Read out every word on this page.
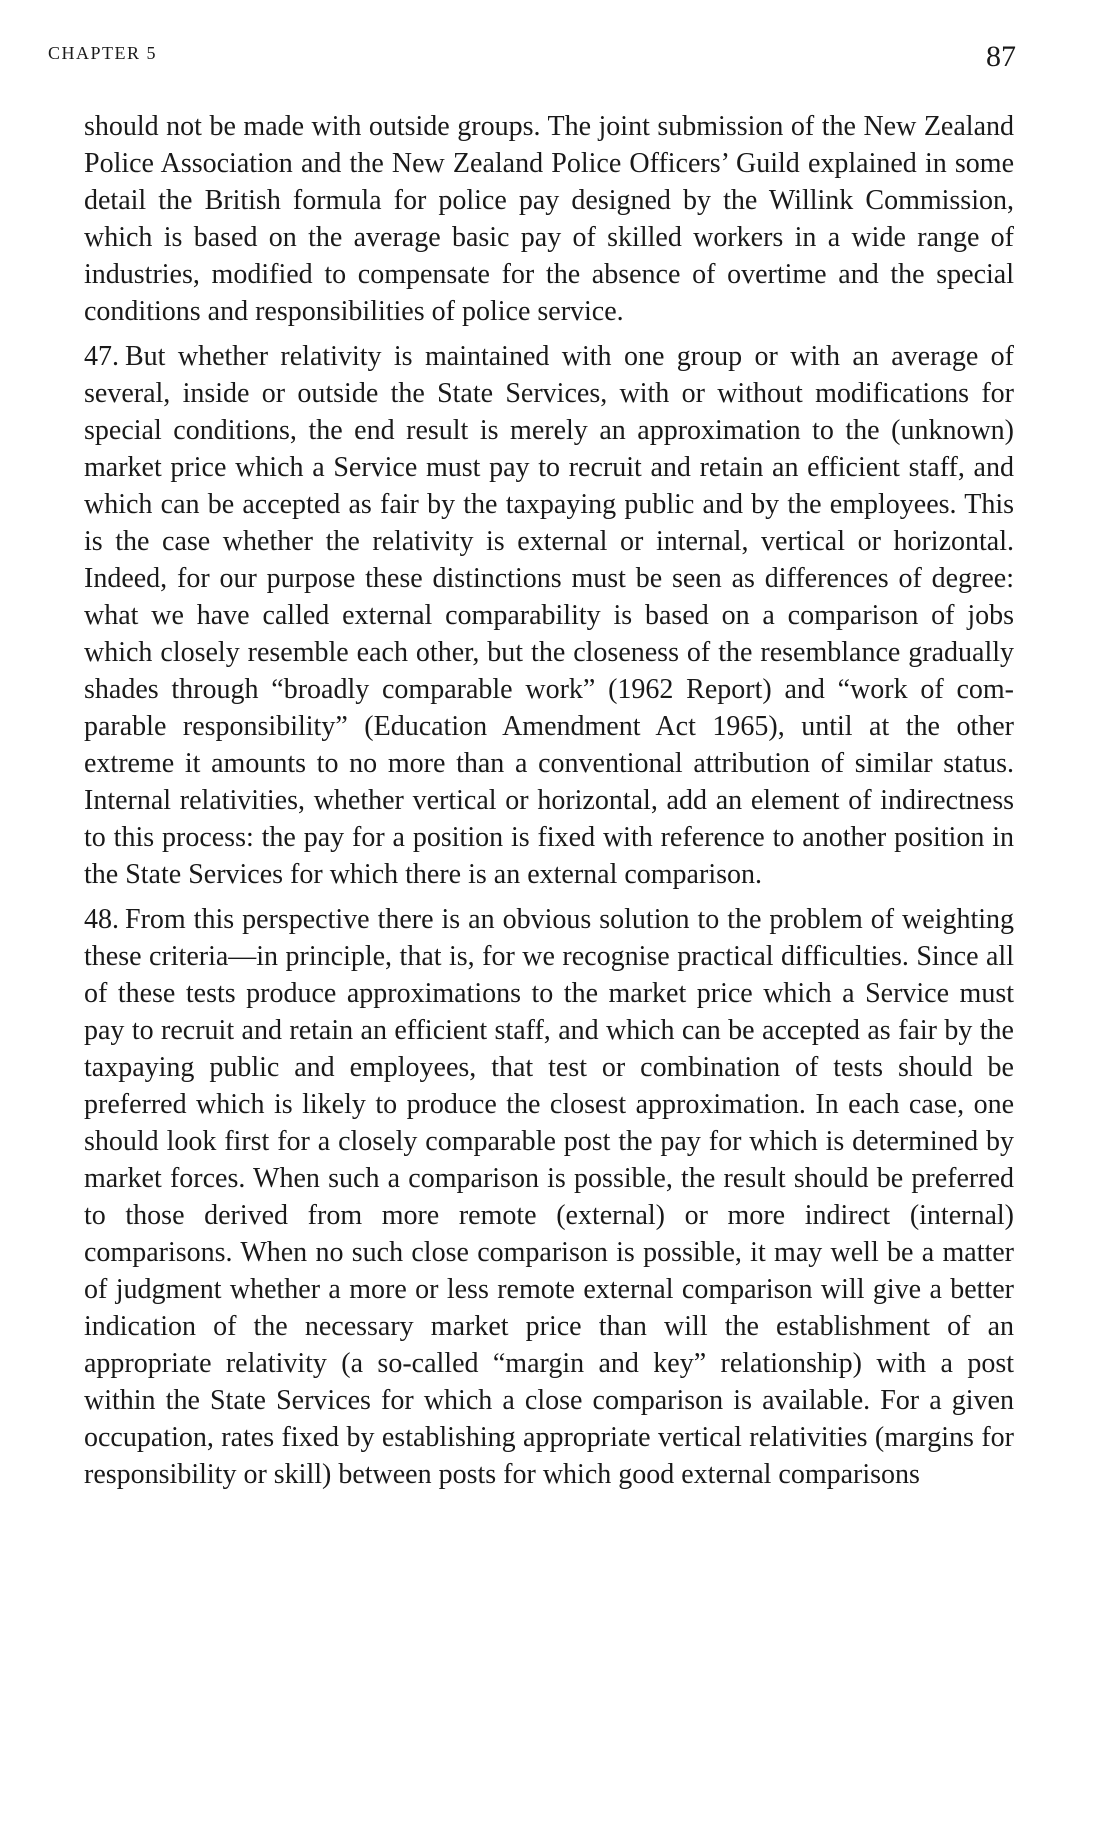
CHAPTER 5	87

should not be made with outside groups. The joint submission of the New Zealand Police Association and the New Zealand Police Officers’ Guild explained in some detail the British formula for police pay designed by the Willink Commission, which is based on the average basic pay of skilled workers in a wide range of industries, modified to compensate for the absence of overtime and the special conditions and responsibilities of police service.

47. But whether relativity is maintained with one group or with an average of several, inside or outside the State Services, with or without modifications for special conditions, the end result is merely an approximation to the (unknown) market price which a Service must pay to recruit and retain an efficient staff, and which can be accepted as fair by the taxpaying public and by the employees. This is the case whether the relativity is external or internal, vertical or horizontal. Indeed, for our purpose these distinctions must be seen as differences of degree: what we have called external comparability is based on a comparison of jobs which closely resemble each other, but the closeness of the resemblance gradually shades through “broadly comparable work” (1962 Report) and “work of comparable responsibility” (Education Amendment Act 1965), until at the other extreme it amounts to no more than a conventional attribution of similar status. Internal relativities, whether vertical or horizontal, add an element of indirectness to this process: the pay for a position is fixed with reference to another position in the State Services for which there is an external comparison.

48. From this perspective there is an obvious solution to the problem of weighting these criteria—in principle, that is, for we recognise practical difficulties. Since all of these tests produce approximations to the market price which a Service must pay to recruit and retain an efficient staff, and which can be accepted as fair by the taxpaying public and employees, that test or combination of tests should be preferred which is likely to produce the closest approximation. In each case, one should look first for a closely comparable post the pay for which is determined by market forces. When such a comparison is possible, the result should be preferred to those derived from more remote (external) or more indirect (internal) comparisons. When no such close comparison is possible, it may well be a matter of judgment whether a more or less remote external comparison will give a better indication of the necessary market price than will the establishment of an appropriate relativity (a so-called “margin and key” relationship) with a post within the State Services for which a close comparison is available. For a given occupation, rates fixed by establishing appropriate vertical relativities (margins for responsibility or skill) between posts for which good external comparisons
